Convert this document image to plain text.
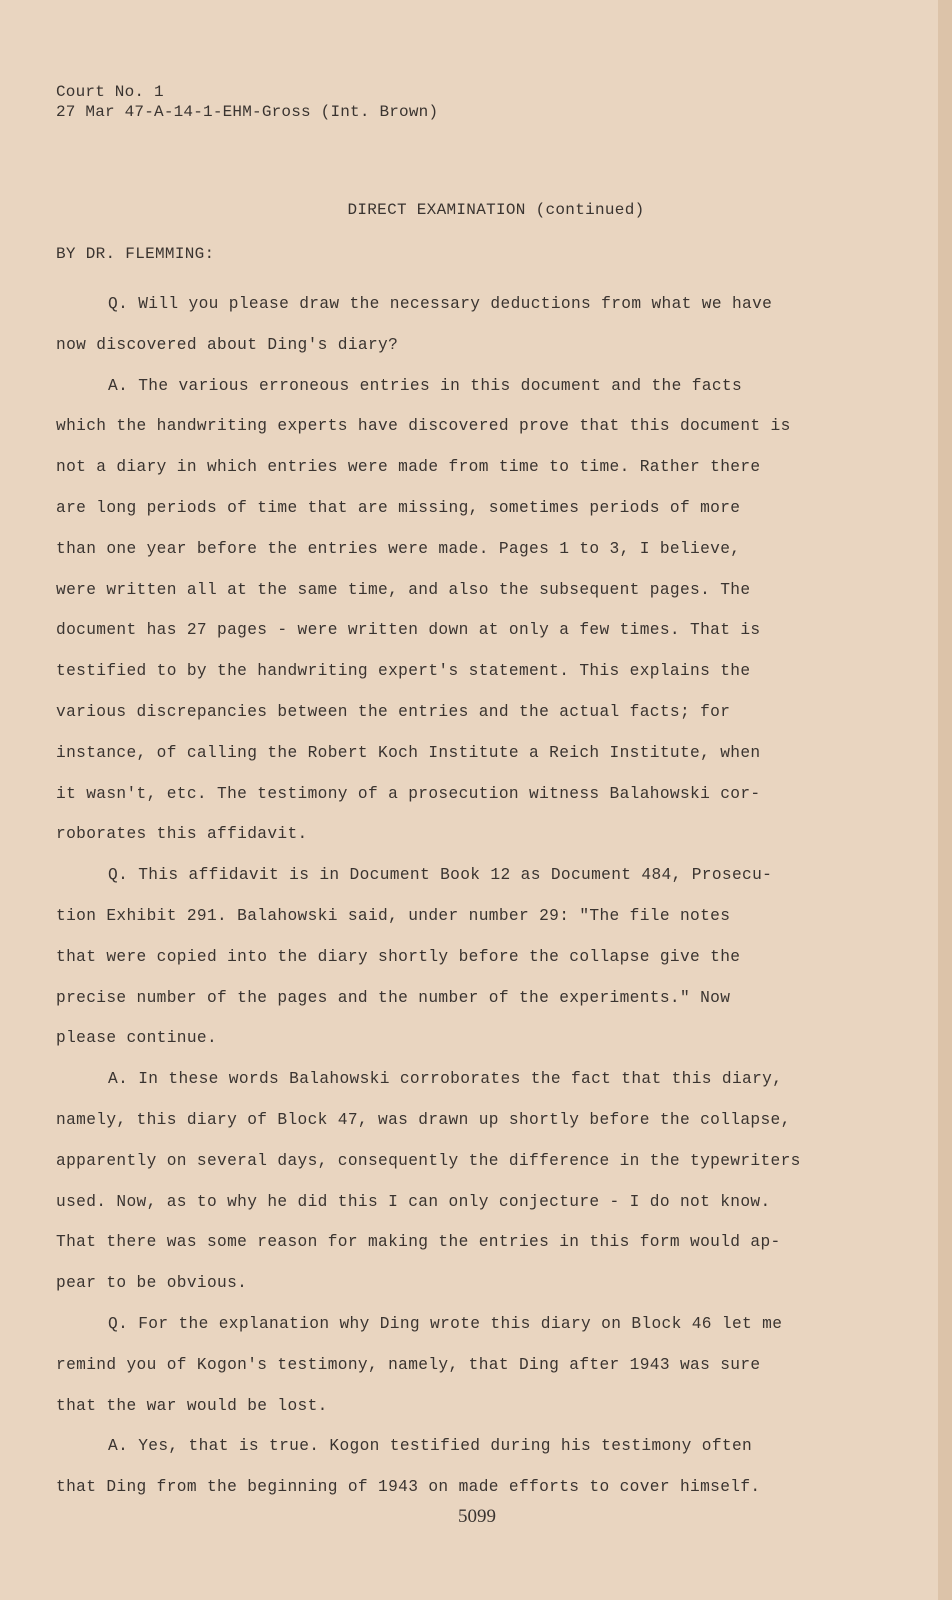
Court No. 1
27 Mar 47-A-14-1-EHM-Gross (Int. Brown)
DIRECT EXAMINATION (continued)
BY DR. FLEMMING:
Q. Will you please draw the necessary deductions from what we have
now discovered about Ding's diary?
A. The various erroneous entries in this document and the facts
which the handwriting experts have discovered prove that this document is
not a diary in which entries were made from time to time. Rather there
are long periods of time that are missing, sometimes periods of more
than one year before the entries were made. Pages 1 to 3, I believe,
were written all at the same time, and also the subsequent pages. The
document has 27 pages - were written down at only a few times. That is
testified to by the handwriting expert's statement. This explains the
various discrepancies between the entries and the actual facts; for
instance, of calling the Robert Koch Institute a Reich Institute, when
it wasn't, etc. The testimony of a prosecution witness Balahowski cor-
roborates this affidavit.
Q. This affidavit is in Document Book 12 as Document 484, Prosecu-
tion Exhibit 291. Balahowski said, under number 29: "The file notes
that were copied into the diary shortly before the collapse give the
precise number of the pages and the number of the experiments." Now
please continue.
A. In these words Balahowski corroborates the fact that this diary,
namely, this diary of Block 47, was drawn up shortly before the collapse,
apparently on several days, consequently the difference in the typewriters
used. Now, as to why he did this I can only conjecture - I do not know.
That there was some reason for making the entries in this form would ap-
pear to be obvious.
Q. For the explanation why Ding wrote this diary on Block 46 let me
remind you of Kogon's testimony, namely, that Ding after 1943 was sure
that the war would be lost.
A. Yes, that is true. Kogon testified during his testimony often
that Ding from the beginning of 1943 on made efforts to cover himself.
5099
